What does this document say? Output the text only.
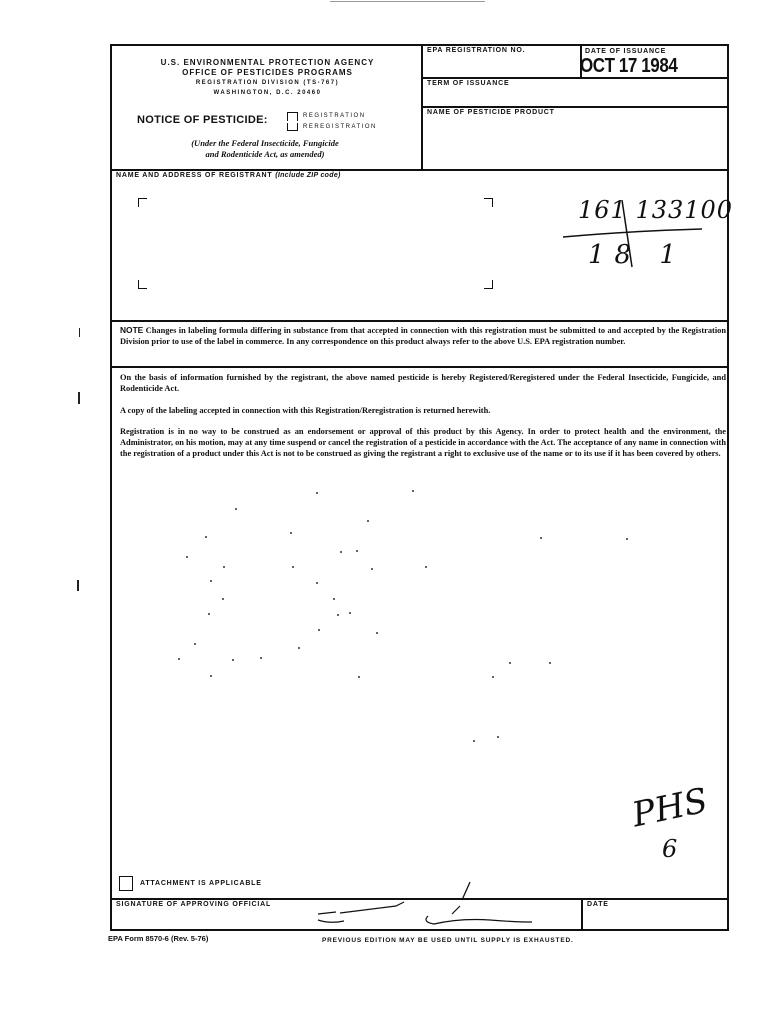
U.S. ENVIRONMENTAL PROTECTION AGENCY
OFFICE OF PESTICIDES PROGRAMS
REGISTRATION DIVISION (TS-767)
WASHINGTON, D.C. 20460
NOTICE OF PESTICIDE:	REGISTRATION
REREGISTRATION
(Under the Federal Insecticide, Fungicide
and Rodenticide Act, as amended)
EPA REGISTRATION NO.	DATE OF ISSUANCE
OCT 17 1984
TERM OF ISSUANCE
NAME OF PESTICIDE PRODUCT
NAME AND ADDRESS OF REGISTRANT (Include ZIP code)
161 133100
18 1
NOTE Changes in labeling formula differing in substance from that accepted in connection with this registration must be submitted to and accepted by the Registration Division prior to use of the label in commerce. In any correspondence on this product always refer to the above U.S. EPA registration number.
On the basis of information furnished by the registrant, the above named pesticide is hereby Registered/Reregistered under the Federal Insecticide, Fungicide, and Rodenticide Act.
A copy of the labeling accepted in connection with this Registration/Reregistration is returned herewith.
Registration is in no way to be construed as an endorsement or approval of this product by this Agency. In order to protect health and the environment, the Administrator, on his motion, may at any time suspend or cancel the registration of a pesticide in accordance with the Act. The acceptance of any name in connection with the registration of a product under this Act is not to be construed as giving the registrant a right to exclusive use of the name or to its use if it has been covered by others.
PHS
6
ATTACHMENT IS APPLICABLE
SIGNATURE OF APPROVING OFFICIAL	DATE
EPA Form 8570-6 (Rev. 5-76)	PREVIOUS EDITION MAY BE USED UNTIL SUPPLY IS EXHAUSTED.
